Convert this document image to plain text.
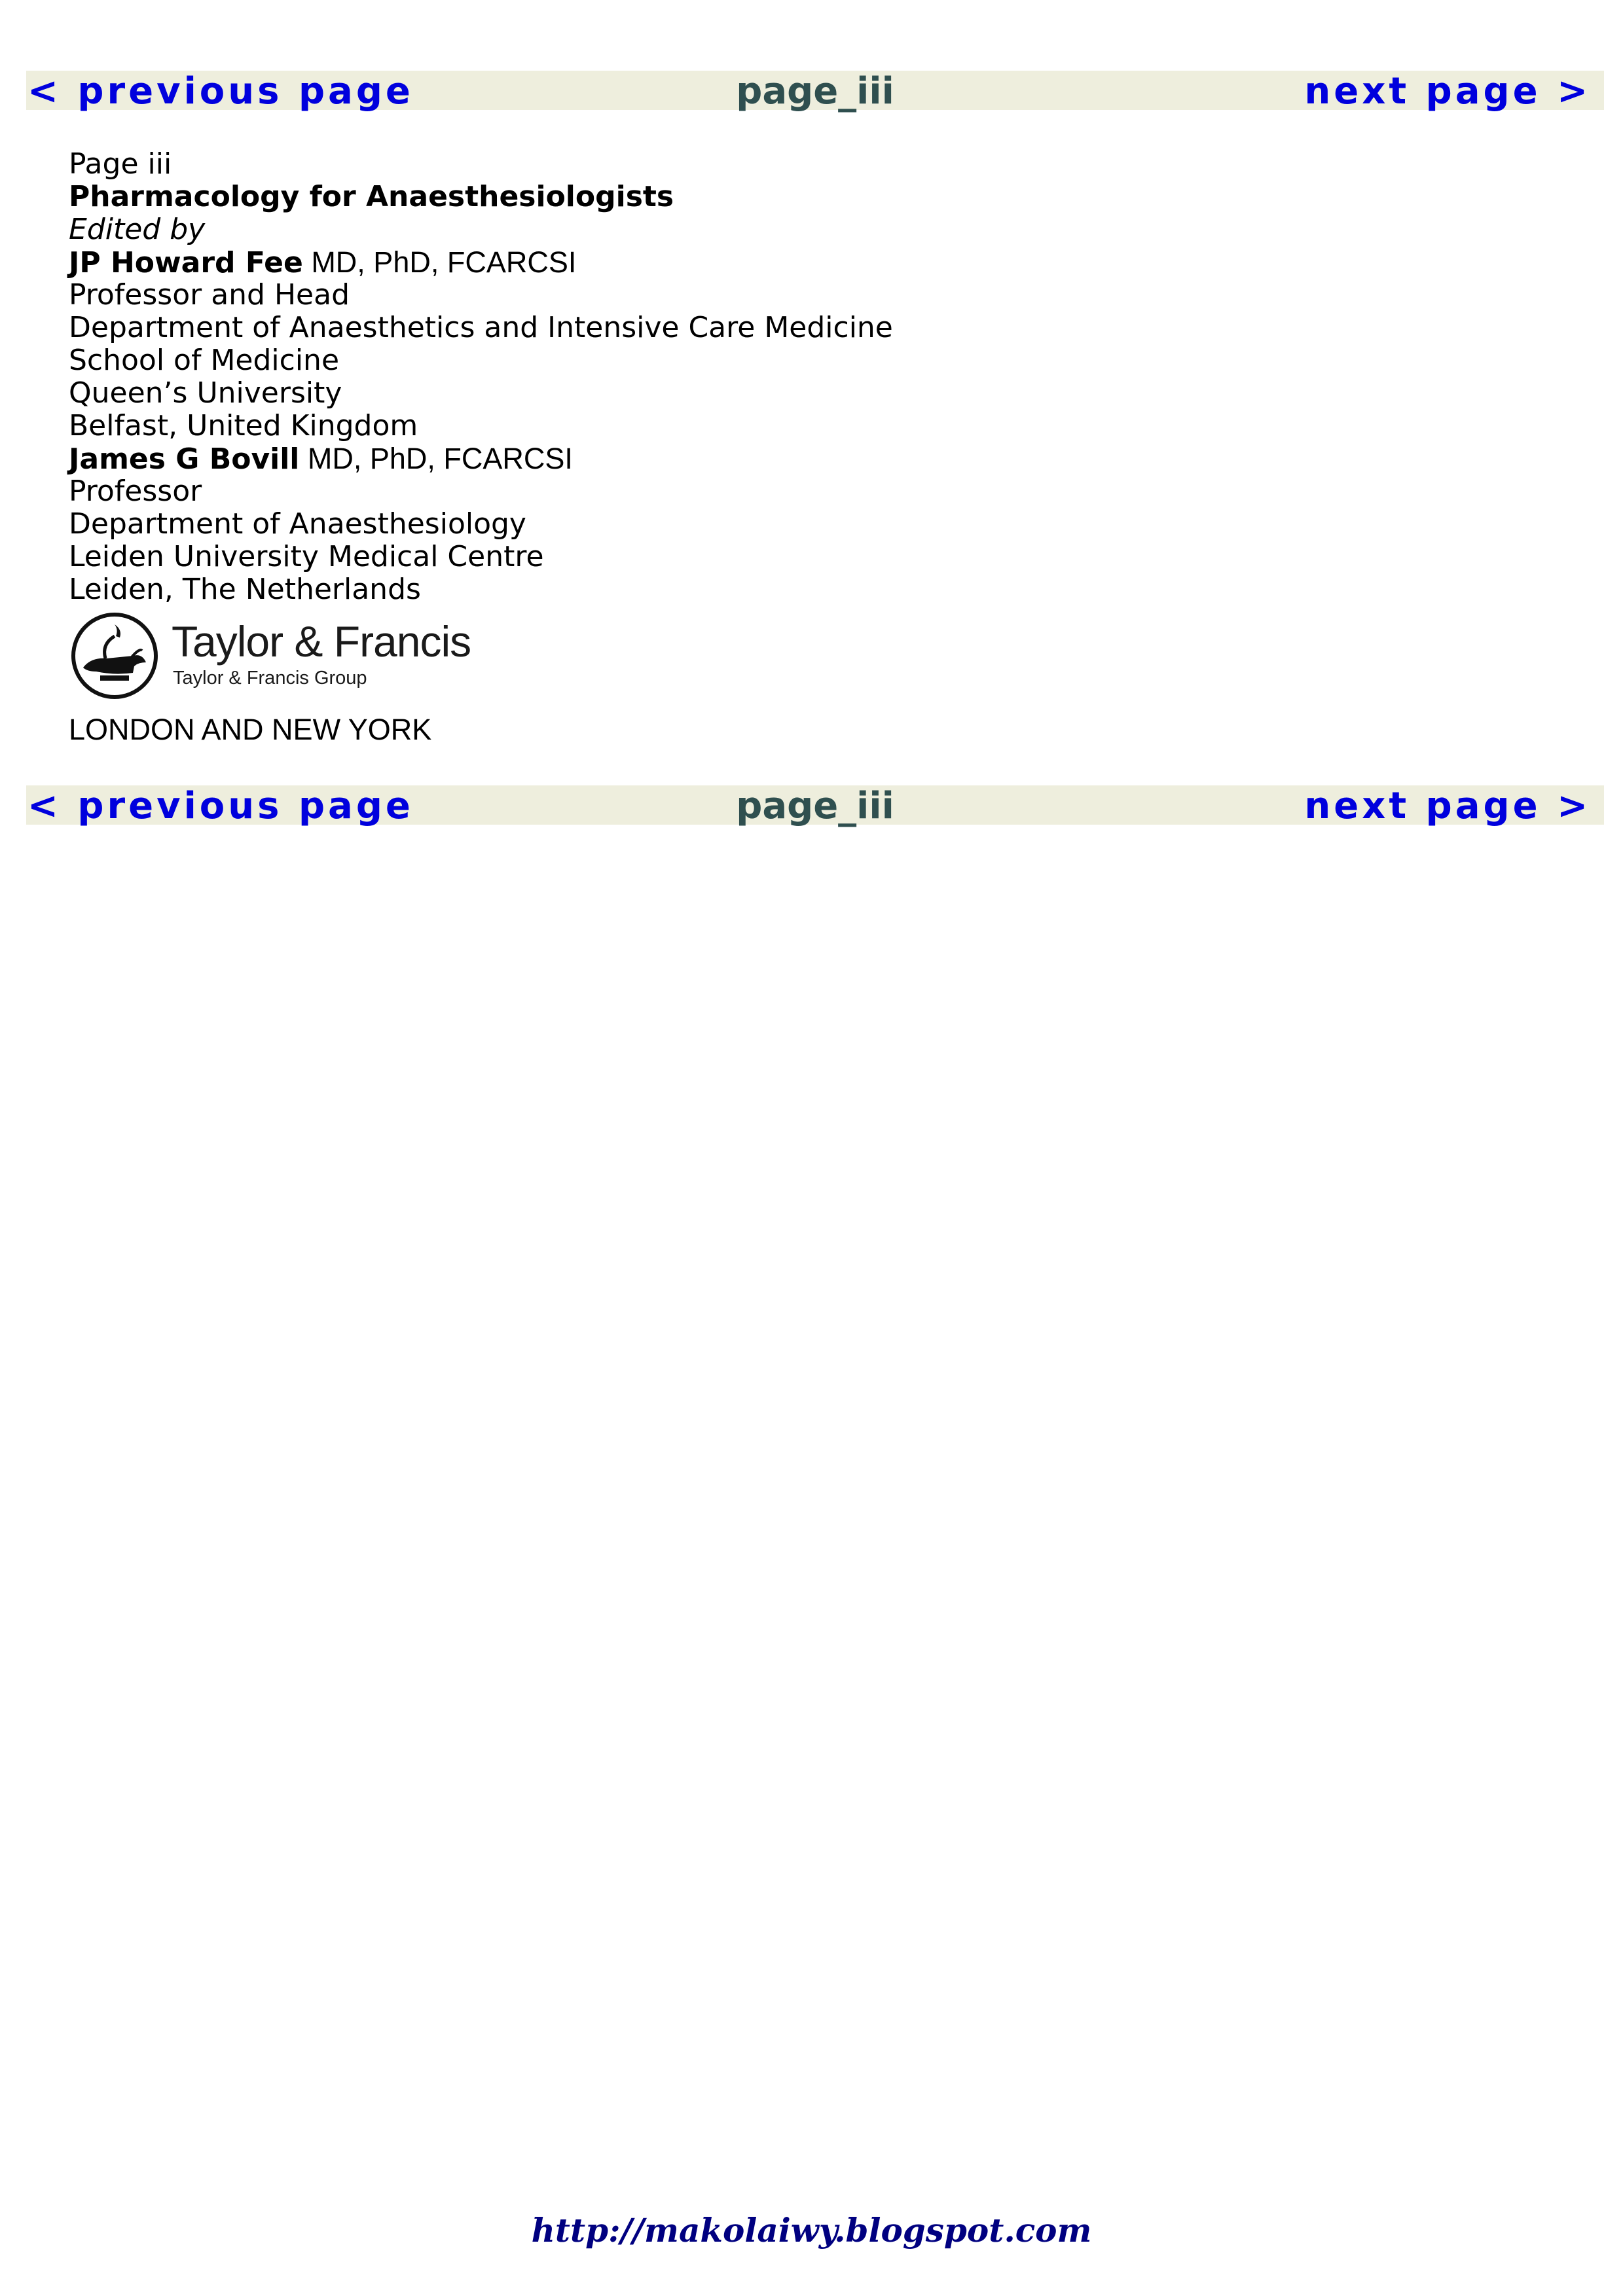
page_iii
< previous page	next page >
Page iii
Pharmacology for Anaesthesiologists
Edited by
JP Howard Fee MD, PhD, FCARCSI
Professor and Head
Department of Anaesthetics and Intensive Care Medicine
School of Medicine
Queen’s University
Belfast, United Kingdom
James G Bovill MD, PhD, FCARCSI
Professor
Department of Anaesthesiology
Leiden University Medical Centre
Leiden, The Netherlands
Taylor & Francis
Taylor & Francis Group
LONDON AND NEW YORK
page_iii
< previous page	next page >
http://makolaiwy.blogspot.com
